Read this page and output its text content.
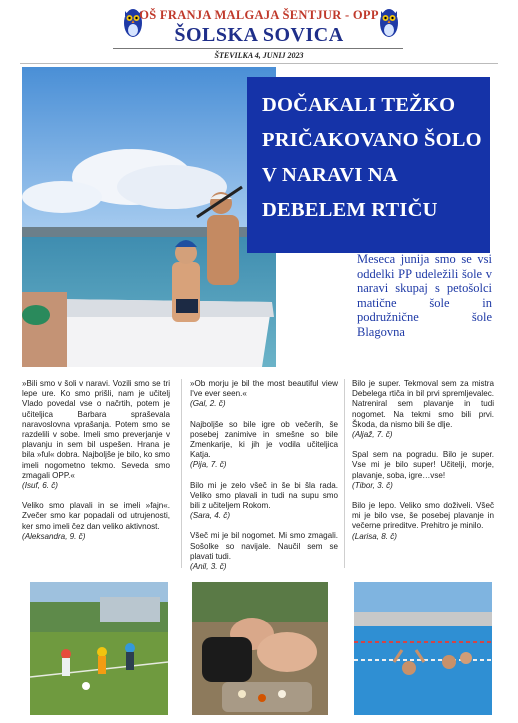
OŠ FRANJA MALGAJA ŠENTJUR - OPP
ŠOLSKA SOVICA
ŠTEVILKA 4, JUNIJ 2023
DOČAKALI TEŽKO PRIČAKOVANO ŠOLO V NARAVI NA DEBELEM RTIČU
Meseca junija smo se vsi oddelki PP udeležili šole v naravi skupaj s petošolci matične šole in podružnične šole Blagovna

»Bili smo v šoli v naravi. Vozili smo se tri lepe ure. Ko smo prišli, nam je učitelj Vlado povedal vse o načrtih, potem je učiteljica Barbara spraševala naravoslovna vprašanja. Potem smo se razdelili v sobe. Imeli smo preverjanje v plavanju in sem bil uspešen. Hrana je bila »ful« dobra. Najboljše je bilo, ko smo imeli nogometno tekmo. Seveda smo zmagali OPP.«
(Isuf, 6. č)

Veliko smo plavali in se imeli »fajn«. Zvečer smo kar popadali od utrujenosti, ker smo imeli čez dan veliko aktivnost.
(Aleksandra, 9. č)

»Ob morju je bil the most beautiful view I've ever seen.«
(Gal, 2. č)

Najboljše so bile igre ob večerih, še posebej zanimive in smešne so bile Zmenkarije, ki jih je vodila učiteljica Katja.
(Pija, 7. č)

Bilo mi je zelo všeč in še bi šla rada. Veliko smo plavali in tudi na supu smo bili z učiteljem Rokom.
(Sara, 4. č)

Všeč mi je bil nogomet. Mi smo zmagali. Sošolke so navijale. Naučil sem se plavati tudi.
(Anil, 3. č)

Bilo je super. Tekmoval sem za mistra Debelega rtiča in bil prvi spremljevalec. Natreniral sem plavanje in tudi nogomet. Na tekmi smo bili prvi. Škoda, da nismo bili še dlje.
(Aljaž, 7. č)

Spal sem na pogradu. Bilo je super. Vse mi je bilo super! Učitelji, morje, plavanje, soba, igre…vse!
(Tibor, 3. č)

Bilo je lepo. Veliko smo doživeli. Všeč mi je bilo vse, še posebej plavanje in večerne prireditve. Prehitro je minilo.
(Larisa, 8. č)
